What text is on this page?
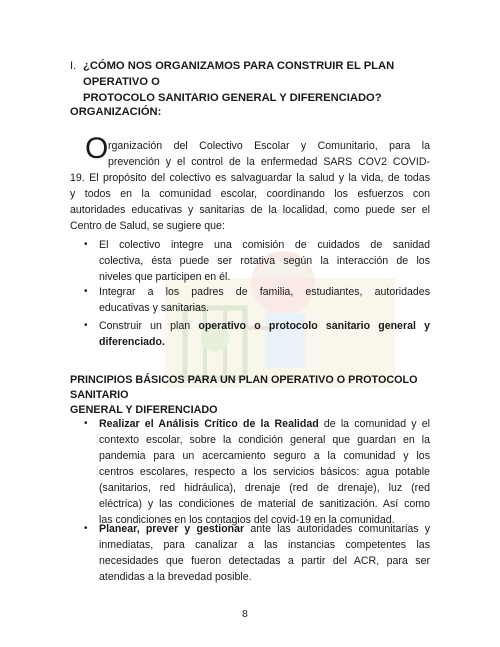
I. ¿CÓMO NOS ORGANIZAMOS PARA CONSTRUIR EL PLAN OPERATIVO O
PROTOCOLO SANITARIO GENERAL Y DIFERENCIADO?
ORGANIZACIÓN:
O rganización del Colectivo Escolar y Comunitario, para la
prevención y el control de la enfermedad SARS COV2 COVID-
19. El propósito del colectivo es salvaguardar la salud y la vida, de todas
y todos en la comunidad escolar, coordinando los esfuerzos con
autoridades educativas y sanitarias de la localidad, como puede ser el
Centro de Salud, se sugiere que:
• El colectivo integre una comisión de cuidados de sanidad
colectiva, ésta puede ser rotativa según la interacción de los
niveles que participen en él.
• Integrar a los padres de familia, estudiantes, autoridades
educativas y sanitarias.
• Construir un plan operativo o protocolo sanitario general y
diferenciado.
PRINCIPIOS BÁSICOS PARA UN PLAN OPERATIVO O PROTOCOLO SANITARIO
GENERAL Y DIFERENCIADO
• Realizar el Análisis Crítico de la Realidad de la comunidad y el
contexto escolar, sobre la condición general que guardan en la
pandemia para un acercamiento seguro a la comunidad y los
centros escolares, respecto a los servicios básicos: agua potable
(sanitarios, red hidráulica), drenaje (red de drenaje), luz (red
eléctrica) y las condiciones de material de sanitización. Así como
las condiciones en los contagios del covid-19 en la comunidad.
• Planear, prever y gestionar ante las autoridades comunitarias y
inmediatas, para canalizar a las instancias competentes las
necesidades que fueron detectadas a partir del ACR, para ser
atendidas a la brevedad posible.
8
